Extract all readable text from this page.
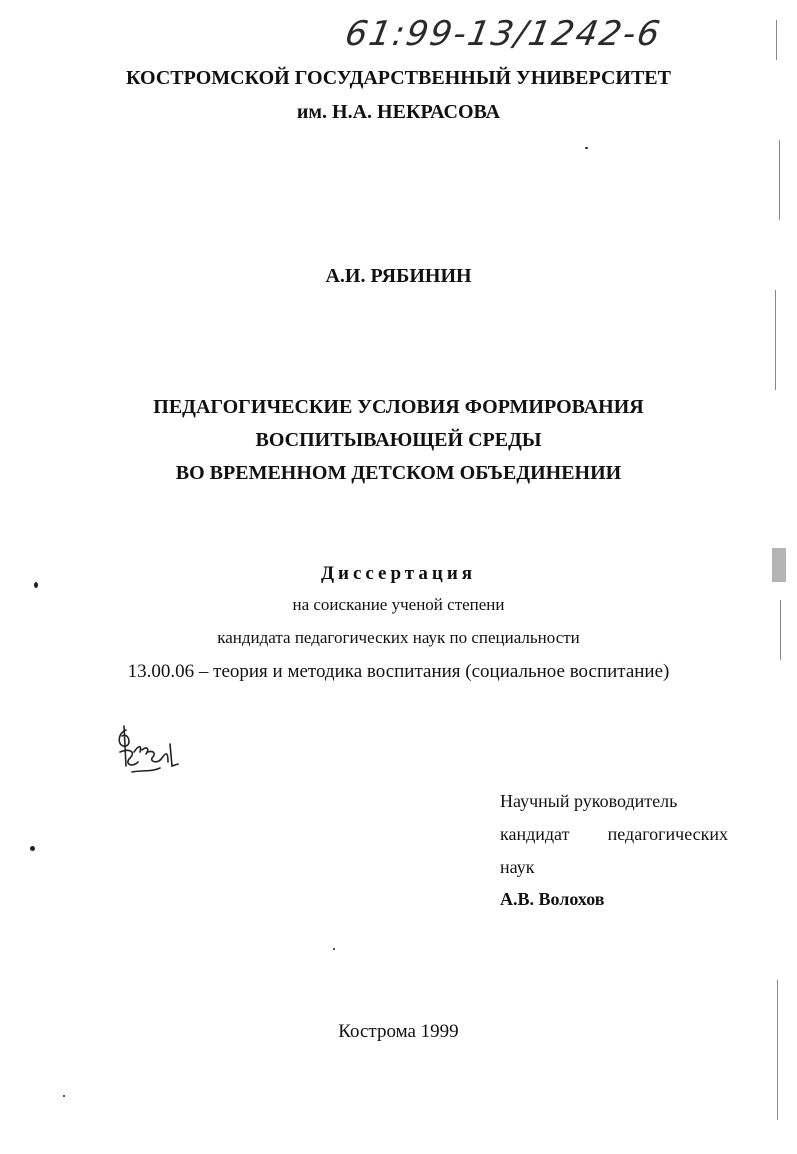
61:99-13/1242-6
КОСТРОМСКОЙ ГОСУДАРСТВЕННЫЙ УНИВЕРСИТЕТ
им. Н.А. НЕКРАСОВА
А.И. РЯБИНИН
ПЕДАГОГИЧЕСКИЕ УСЛОВИЯ ФОРМИРОВАНИЯ
ВОСПИТЫВАЮЩЕЙ СРЕДЫ
ВО ВРЕМЕННОМ ДЕТСКОМ ОБЪЕДИНЕНИИ
Диссертация
на соискание ученой степени
кандидата педагогических наук по специальности
13.00.06 – теория и методика воспитания (социальное воспитание)
Научный руководитель
кандидат педагогических
наук
А.В. Волохов
Кострома 1999
